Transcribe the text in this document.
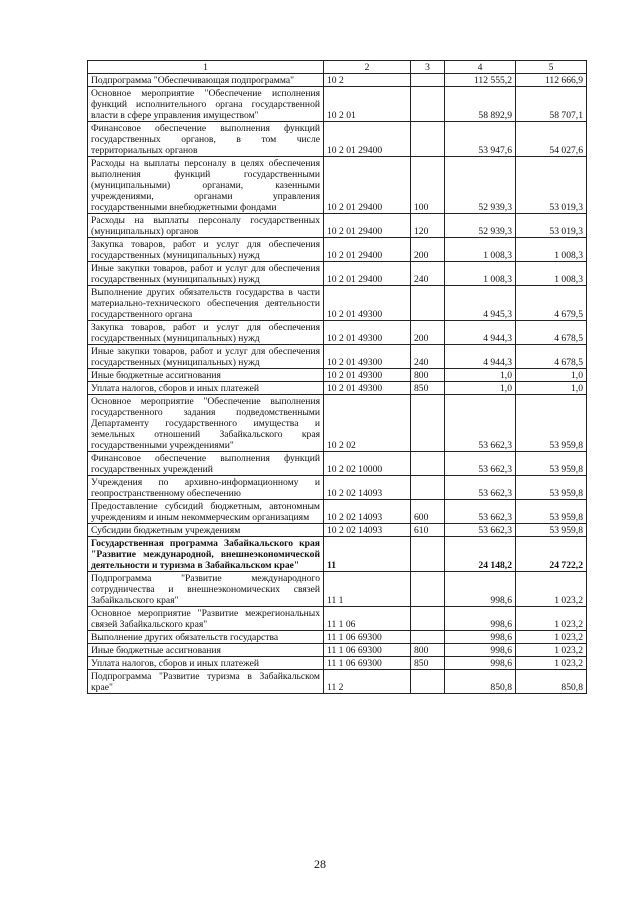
1	2	3	4	5
Подпрограмма "Обеспечивающая подпрограмма"	10 2		112 555,2	112 666,9
Основное мероприятие "Обеспечение исполнения функций исполнительного органа государственной власти в сфере управления имуществом"	10 2 01		58 892,9	58 707,1
Финансовое обеспечение выполнения функций государственных органов, в том числе территориальных органов	10 2 01 29400		53 947,6	54 027,6
Расходы на выплаты персоналу в целях обеспечения выполнения функций государственными (муниципальными) органами, казенными учреждениями, органами управления государственными внебюджетными фондами	10 2 01 29400	100	52 939,3	53 019,3
Расходы на выплаты персоналу государственных (муниципальных) органов	10 2 01 29400	120	52 939,3	53 019,3
Закупка товаров, работ и услуг для обеспечения государственных (муниципальных) нужд	10 2 01 29400	200	1 008,3	1 008,3
Иные закупки товаров, работ и услуг для обеспечения государственных (муниципальных) нужд	10 2 01 29400	240	1 008,3	1 008,3
Выполнение других обязательств государства в части материально-технического обеспечения деятельности государственного органа	10 2 01 49300		4 945,3	4 679,5
Закупка товаров, работ и услуг для обеспечения государственных (муниципальных) нужд	10 2 01 49300	200	4 944,3	4 678,5
Иные закупки товаров, работ и услуг для обеспечения государственных (муниципальных) нужд	10 2 01 49300	240	4 944,3	4 678,5
Иные бюджетные ассигнования	10 2 01 49300	800	1,0	1,0
Уплата налогов, сборов и иных платежей	10 2 01 49300	850	1,0	1,0
Основное мероприятие "Обеспечение выполнения государственного задания подведомственными Департаменту государственного имущества и земельных отношений Забайкальского края государственными учреждениями"	10 2 02		53 662,3	53 959,8
Финансовое обеспечение выполнения функций государственных учреждений	10 2 02 10000		53 662,3	53 959,8
Учреждения по архивно-информационному и геопространственному обеспечению	10 2 02 14093		53 662,3	53 959,8
Предоставление субсидий бюджетным, автономным учреждениям и иным некоммерческим организациям	10 2 02 14093	600	53 662,3	53 959,8
Субсидии бюджетным учреждениям	10 2 02 14093	610	53 662,3	53 959,8
Государственная программа Забайкальского края "Развитие международной, внешнеэкономической деятельности и туризма в Забайкальском крае"	11		24 148,2	24 722,2
Подпрограмма "Развитие международного сотрудничества и внешнеэкономических связей Забайкальского края"	11 1		998,6	1 023,2
Основное мероприятие "Развитие межрегиональных связей Забайкальского края"	11 1 06		998,6	1 023,2
Выполнение других обязательств государства	11 1 06 69300		998,6	1 023,2
Иные бюджетные ассигнования	11 1 06 69300	800	998,6	1 023,2
Уплата налогов, сборов и иных платежей	11 1 06 69300	850	998,6	1 023,2
Подпрограмма "Развитие туризма в Забайкальском крае"	11 2		850,8	850,8
28
